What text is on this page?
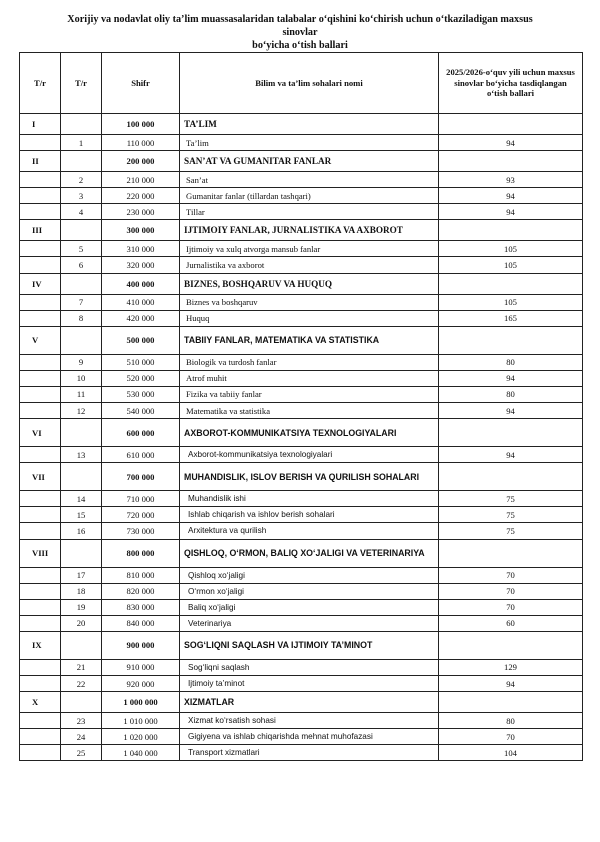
Xorijiy va nodavlat oliy ta’lim muassasalaridan talabalar o‘qishini ko‘chirish uchun o‘tkaziladigan maxsus sinovlar
bo‘yicha o‘tish ballari
T/r	T/r	Shifr	Bilim va ta’lim sohalari nomi	2025/2026-o‘quv yili uchun maxsus sinovlar bo‘yicha tasdiqlangan o‘tish ballari
I		100 000	TA’LIM	
	1	110 000	Ta’lim	94
II		200 000	SAN’AT VA GUMANITAR FANLAR	
	2	210 000	San’at	93
	3	220 000	Gumanitar fanlar (tillardan tashqari)	94
	4	230 000	Tillar	94
III		300 000	IJTIMOIY FANLAR, JURNALISTIKA VA AXBOROT	
	5	310 000	Ijtimoiy va xulq atvorga mansub fanlar	105
	6	320 000	Jurnalistika va axborot	105
IV		400 000	BIZNES, BOSHQARUV VA HUQUQ	
	7	410 000	Biznes va boshqaruv	105
	8	420 000	Huquq	165
V		500 000	TABIIY FANLAR, MATEMATIKA VA STATISTIKA	
	9	510 000	Biologik va turdosh fanlar	80
	10	520 000	Atrof muhit	94
	11	530 000	Fizika va tabiiy fanlar	80
	12	540 000	Matematika va statistika	94
VI		600 000	AXBOROT-KOMMUNIKATSIYA TEXNOLOGIYALARI	
	13	610 000	Axborot-kommunikatsiya texnologiyalari	94
VII		700 000	MUHANDISLIK, ISLOV BERISH VA QURILISH SOHALARI	
	14	710 000	Muhandislik ishi	75
	15	720 000	Ishlab chiqarish va ishlov berish sohalari	75
	16	730 000	Arxitektura va qurilish	75
VIII		800 000	QISHLOQ, O‘RMON, BALIQ XO‘JALIGI VA VETERINARIYA	
	17	810 000	Qishloq xo‘jaligi	70
	18	820 000	O‘rmon xo‘jaligi	70
	19	830 000	Baliq xo‘jaligi	70
	20	840 000	Veterinariya	60
IX		900 000	SOG‘LIQNI SAQLASH VA IJTIMOIY TA’MINOT	
	21	910 000	Sog‘liqni saqlash	129
	22	920 000	Ijtimoiy ta’minot	94
X		1 000 000	XIZMATLAR	
	23	1 010 000	Xizmat ko‘rsatish sohasi	80
	24	1 020 000	Gigiyena va ishlab chiqarishda mehnat muhofazasi	70
	25	1 040 000	Transport xizmatlari	104
